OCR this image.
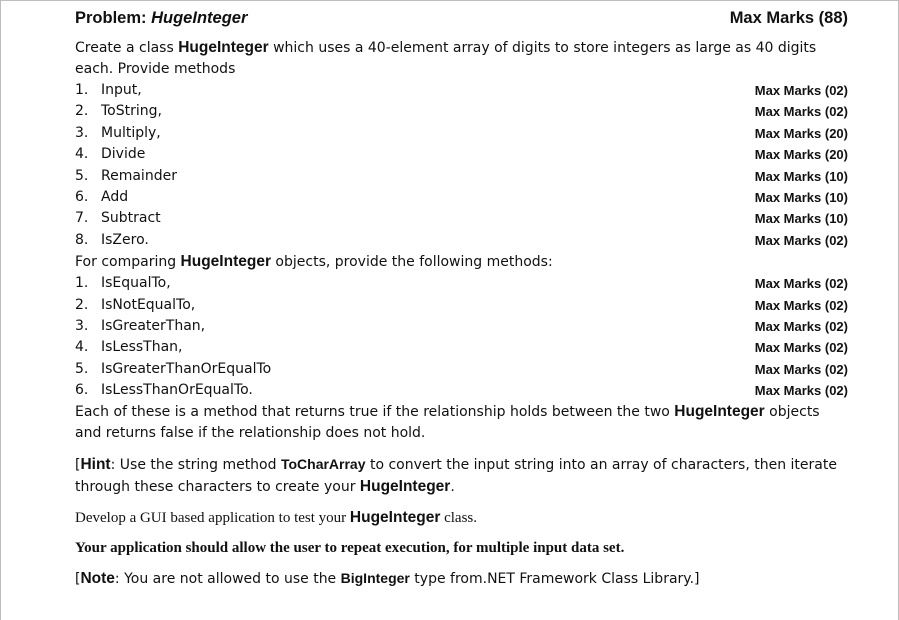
Problem: HugeInteger	Max Marks (88)

Create a class HugeInteger which uses a 40-element array of digits to store integers as large as 40 digits each. Provide methods

1. Input,	Max Marks (02)
2. ToString,	Max Marks (02)
3. Multiply,	Max Marks (20)
4. Divide	Max Marks (20)
5. Remainder	Max Marks (10)
6. Add	Max Marks (10)
7. Subtract	Max Marks (10)
8. IsZero.	Max Marks (02)

For comparing HugeInteger objects, provide the following methods:

1. IsEqualTo,	Max Marks (02)
2. IsNotEqualTo,	Max Marks (02)
3. IsGreaterThan,	Max Marks (02)
4. IsLessThan,	Max Marks (02)
5. IsGreaterThanOrEqualTo	Max Marks (02)
6. IsLessThanOrEqualTo.	Max Marks (02)

Each of these is a method that returns true if the relationship holds between the two HugeInteger objects and returns false if the relationship does not hold.

[Hint: Use the string method ToCharArray to convert the input string into an array of characters, then iterate through these characters to create your HugeInteger.

Develop a GUI based application to test your HugeInteger class.

Your application should allow the user to repeat execution, for multiple input data set.

[Note: You are not allowed to use the BigInteger type from.NET Framework Class Library.]
